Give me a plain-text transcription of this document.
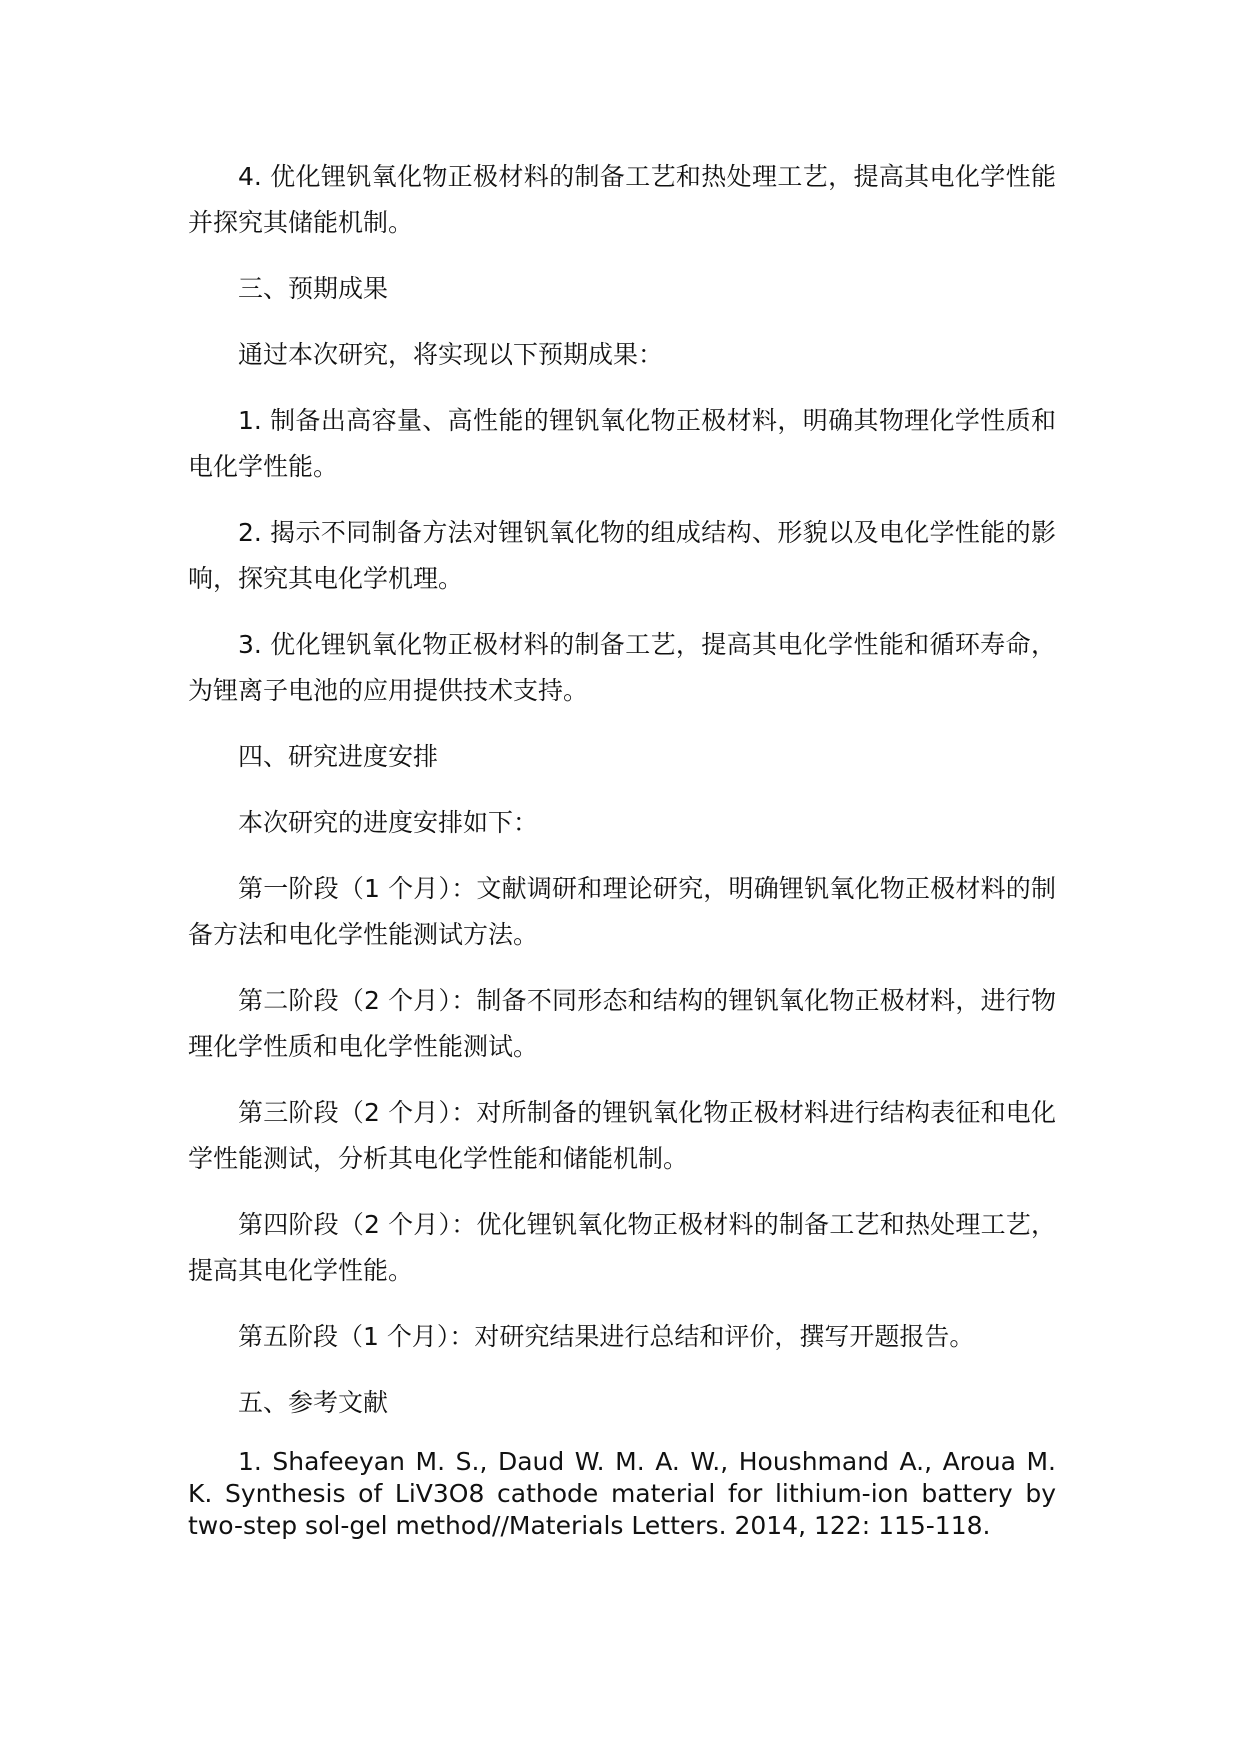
4. 优化锂钒氧化物正极材料的制备工艺和热处理工艺，提高其电化学性能并探究其储能机制。

三、预期成果

通过本次研究，将实现以下预期成果：

1. 制备出高容量、高性能的锂钒氧化物正极材料，明确其物理化学性质和电化学性能。

2. 揭示不同制备方法对锂钒氧化物的组成结构、形貌以及电化学性能的影响，探究其电化学机理。

3. 优化锂钒氧化物正极材料的制备工艺，提高其电化学性能和循环寿命，为锂离子电池的应用提供技术支持。

四、研究进度安排

本次研究的进度安排如下：

第一阶段（1 个月）：文献调研和理论研究，明确锂钒氧化物正极材料的制备方法和电化学性能测试方法。

第二阶段（2 个月）：制备不同形态和结构的锂钒氧化物正极材料，进行物理化学性质和电化学性能测试。

第三阶段（2 个月）：对所制备的锂钒氧化物正极材料进行结构表征和电化学性能测试，分析其电化学性能和储能机制。

第四阶段（2 个月）：优化锂钒氧化物正极材料的制备工艺和热处理工艺，提高其电化学性能。

第五阶段（1 个月）：对研究结果进行总结和评价，撰写开题报告。

五、参考文献

1. Shafeeyan M. S., Daud W. M. A. W., Houshmand A., Aroua M. K. Synthesis of LiV3O8 cathode material for lithium-ion battery by two-step sol-gel method//Materials Letters. 2014, 122: 115-118.
